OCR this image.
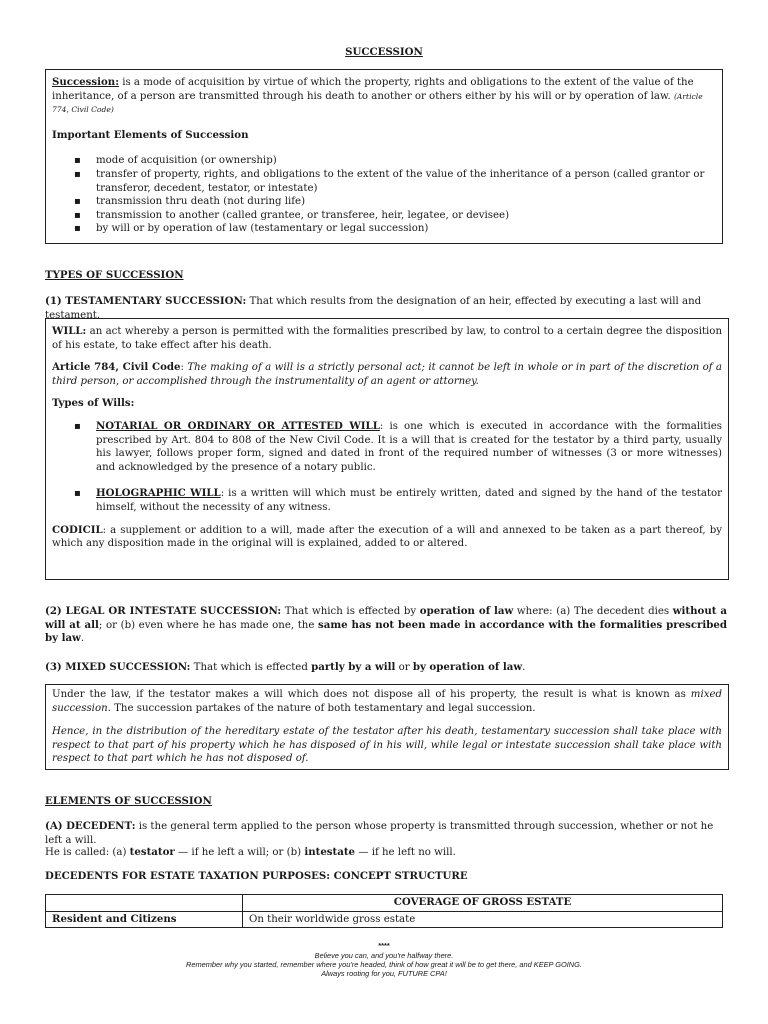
SUCCESSION

Succession: is a mode of acquisition by virtue of which the property, rights and obligations to the extent of the value of the inheritance, of a person are transmitted through his death to another or others either by his will or by operation of law. (Article 774, Civil Code)

Important Elements of Succession

▪ mode of acquisition (or ownership)
▪ transfer of property, rights, and obligations to the extent of the value of the inheritance of a person (called grantor or transferor, decedent, testator, or intestate)
▪ transmission thru death (not during life)
▪ transmission to another (called grantee, or transferee, heir, legatee, or devisee)
▪ by will or by operation of law (testamentary or legal succession)
TYPES OF SUCCESSION
(1) TESTAMENTARY SUCCESSION: That which results from the designation of an heir, effected by executing a last will and testament.

WILL: an act whereby a person is permitted with the formalities prescribed by law, to control to a certain degree the disposition of his estate, to take effect after his death.

Article 784, Civil Code: The making of a will is a strictly personal act; it cannot be left in whole or in part of the discretion of a third person, or accomplished through the instrumentality of an agent or attorney.

Types of Wills:

▪ NOTARIAL OR ORDINARY OR ATTESTED WILL: is one which is executed in accordance with the formalities prescribed by Art. 804 to 808 of the New Civil Code. It is a will that is created for the testator by a third party, usually his lawyer, follows proper form, signed and dated in front of the required number of witnesses (3 or more witnesses) and acknowledged by the presence of a notary public.
▪ HOLOGRAPHIC WILL: is a written will which must be entirely written, dated and signed by the hand of the testator himself, without the necessity of any witness.

CODICIL: a supplement or addition to a will, made after the execution of a will and annexed to be taken as a part thereof, by which any disposition made in the original will is explained, added to or altered.

(2) LEGAL OR INTESTATE SUCCESSION: That which is effected by operation of law where: (a) The decedent dies without a will at all; or (b) even where he has made one, the same has not been made in accordance with the formalities prescribed by law.
(3) MIXED SUCCESSION: That which is effected partly by a will or by operation of law.

Under the law, if the testator makes a will which does not dispose all of his property, the result is what is known as mixed succession. The succession partakes of the nature of both testamentary and legal succession.

Hence, in the distribution of the hereditary estate of the testator after his death, testamentary succession shall take place with respect to that part of his property which he has disposed of in his will, while legal or intestate succession shall take place with respect to that part which he has not disposed of.

ELEMENTS OF SUCCESSION
(A) DECEDENT: is the general term applied to the person whose property is transmitted through succession, whether or not he left a will.
He is called: (a) testator — if he left a will; or (b) intestate — if he left no will.
DECEDENTS FOR ESTATE TAXATION PURPOSES: CONCEPT STRUCTURE
	COVERAGE OF GROSS ESTATE
Resident and Citizens	On their worldwide gross estate
****
Believe you can, and you're halfway there.
Remember why you started, remember where you're headed, think of how great it will be to get there, and KEEP GOING.
Always rooting for you, FUTURE CPA!
